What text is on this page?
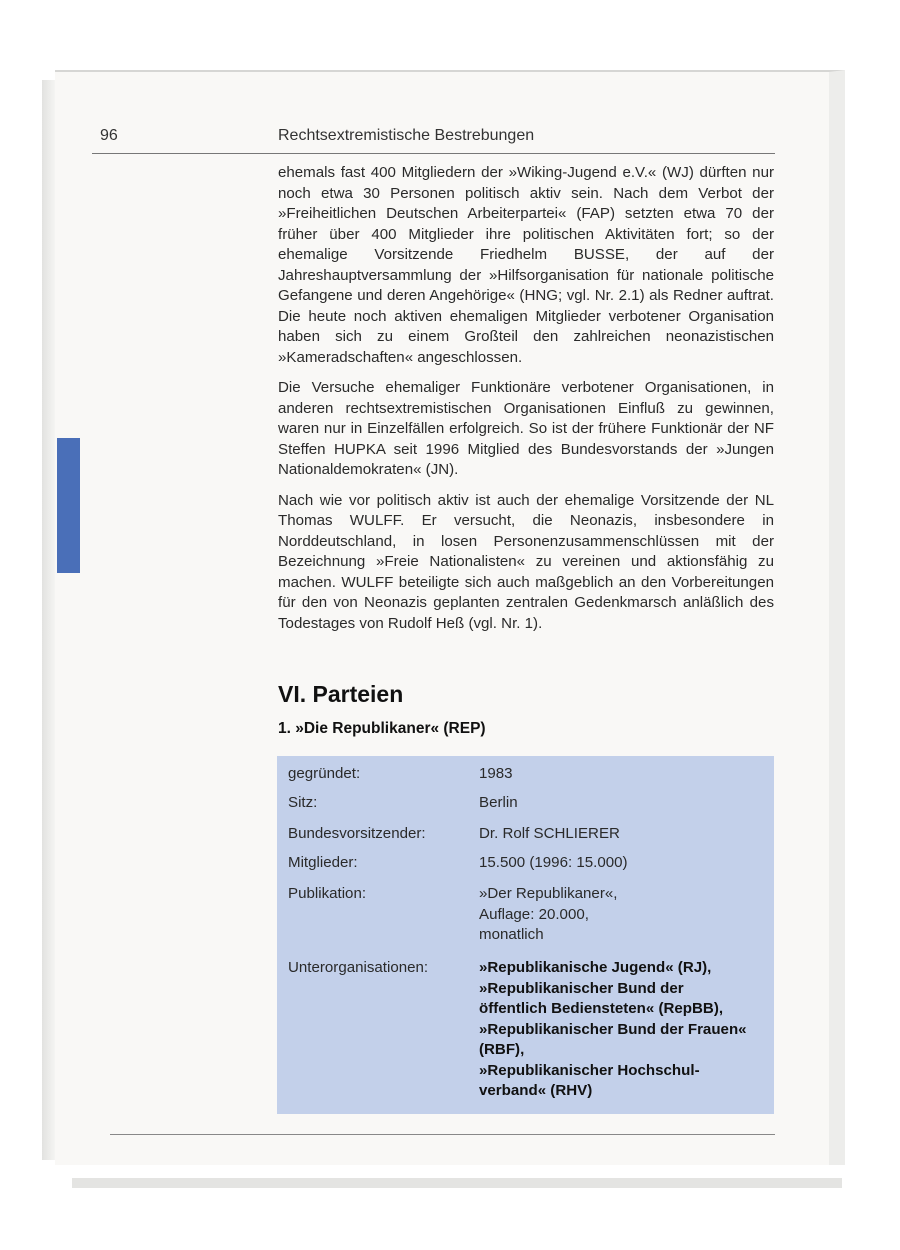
96	Rechtsextremistische Bestrebungen

ehemals fast 400 Mitgliedern der »Wiking-Jugend e.V.« (WJ) dürften nur noch etwa 30 Personen politisch aktiv sein. Nach dem Verbot der »Freiheitlichen Deutschen Arbeiterpartei« (FAP) setzten etwa 70 der früher über 400 Mitglieder ihre politischen Aktivitäten fort; so der ehemalige Vorsitzende Friedhelm BUSSE, der auf der Jahreshauptversammlung der »Hilfsorganisation für nationale politische Gefangene und deren Angehörige« (HNG; vgl. Nr. 2.1) als Redner auftrat. Die heute noch aktiven ehemaligen Mitglieder verbotener Organisation haben sich zu einem Großteil den zahlreichen neonazistischen »Kameradschaften« angeschlossen.

Die Versuche ehemaliger Funktionäre verbotener Organisationen, in anderen rechtsextremistischen Organisationen Einfluß zu gewinnen, waren nur in Einzelfällen erfolgreich. So ist der frühere Funktionär der NF Steffen HUPKA seit 1996 Mitglied des Bundesvorstands der »Jungen Nationaldemokraten« (JN).

Nach wie vor politisch aktiv ist auch der ehemalige Vorsitzende der NL Thomas WULFF. Er versucht, die Neonazis, insbesondere in Norddeutschland, in losen Personenzusammenschlüssen mit der Bezeichnung »Freie Nationalisten« zu vereinen und aktionsfähig zu machen. WULFF beteiligte sich auch maßgeblich an den Vorbereitungen für den von Neonazis geplanten zentralen Gedenkmarsch anläßlich des Todestages von Rudolf Heß (vgl. Nr. 1).

VI. Parteien
1. »Die Republikaner« (REP)
gegründet:	1983
Sitz:	Berlin
Bundesvorsitzender:	Dr. Rolf SCHLIERER
Mitglieder:	15.500 (1996: 15.000)
Publikation:	»Der Republikaner«,
Auflage: 20.000,
monatlich
Unterorganisationen:	»Republikanische Jugend« (RJ),
»Republikanischer Bund der
öffentlich Bediensteten« (RepBB),
»Republikanischer Bund der Frauen«
(RBF),
»Republikanischer Hochschul-
verband« (RHV)
